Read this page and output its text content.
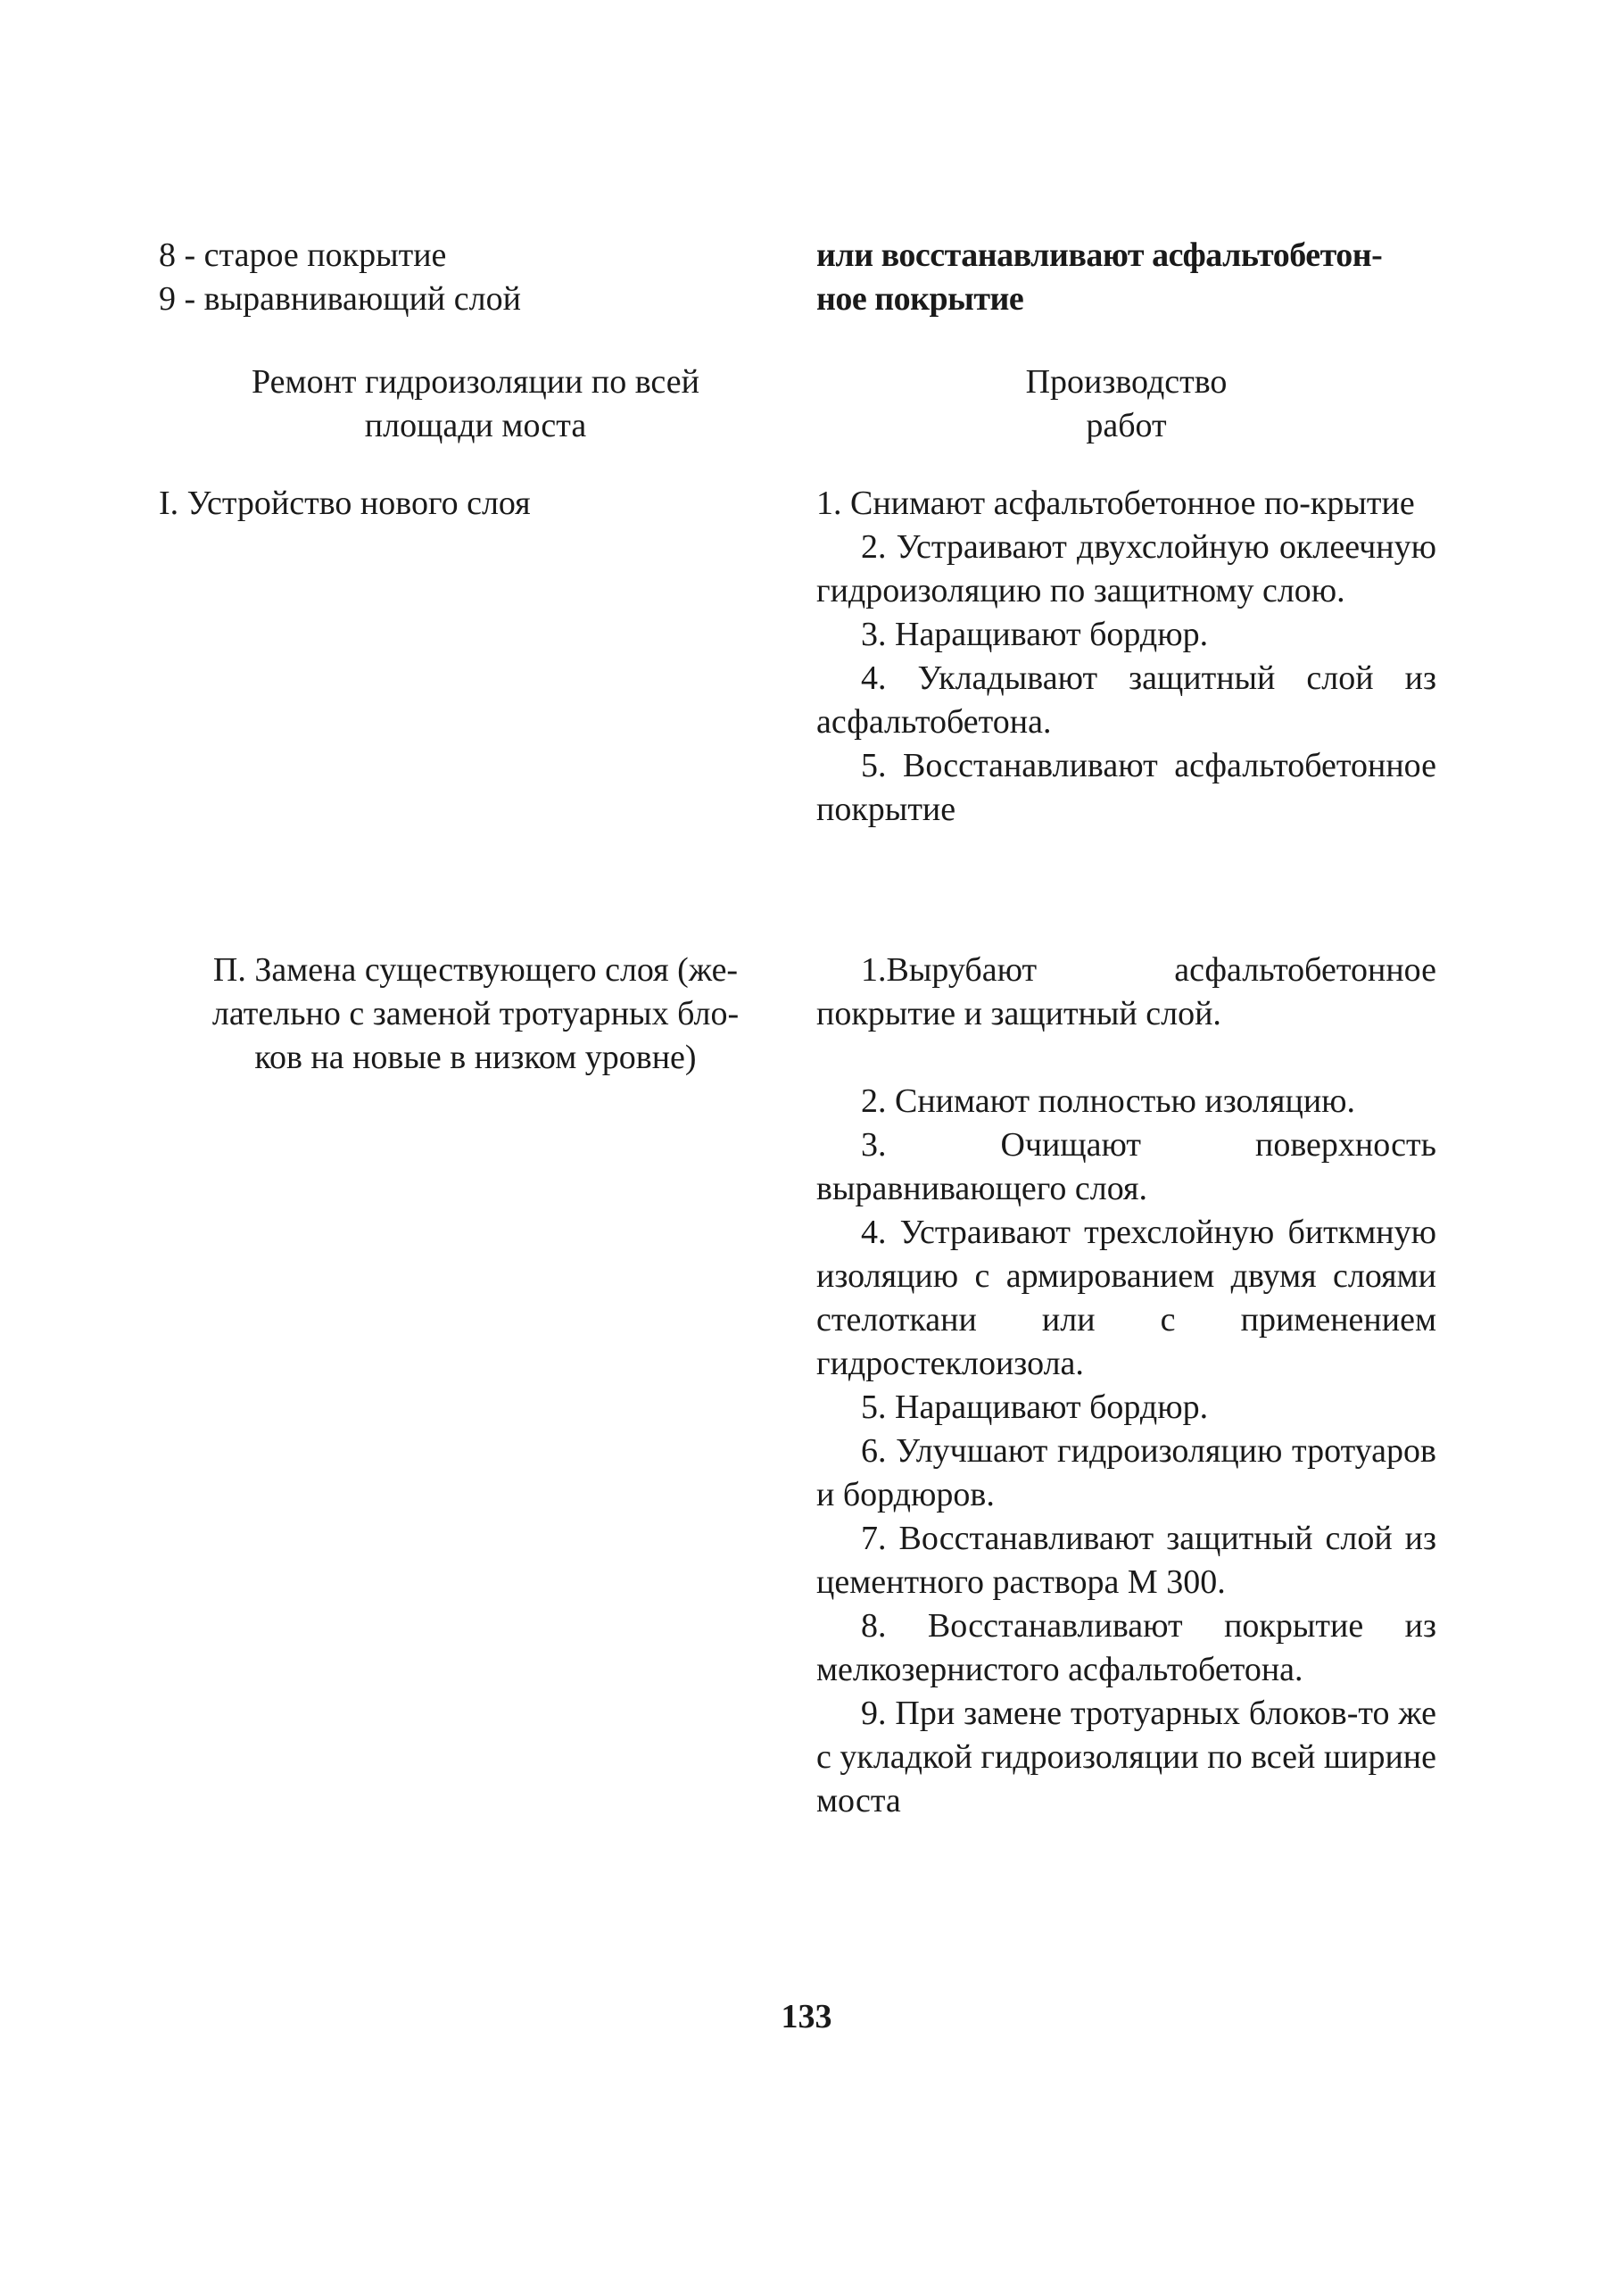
8 - старое покрытие

9 - выравнивающий слой

или восстанавливают асфальтобетон-

ное покрытие

Ремонт гидроизоляции по всей

площади моста

Производство

работ

I. Устройство нового слоя	1. Снимают асфальтобетонное по-крытие

2. Устраивают двухслойную оклеечную гидроизоляцию по защитному слою.

3. Наращивают бордюр.

4. Укладывают защитный слой из асфальтобетона.

5. Восстанавливают асфальтобетонное покрытие

П. Замена существующего слоя (же-

лательно с заменой тротуарных бло-

ков на новые в низком уровне)

1.Вырубают асфальтобетонное покрытие и защитный слой.

2. Снимают полностью изоляцию.

3. Очищают поверхность выравнивающего слоя.

4. Устраивают трехслойную биткмную изоляцию с армированием двумя слоями стелоткани или с применением гидростеклоизола.

5. Наращивают бордюр.

6. Улучшают гидроизоляцию тротуаров и бордюров.

7. Восстанавливают защитный слой из цементного раствора М 300.

8. Восстанавливают покрытие из мелкозернистого асфальтобетона.

9. При замене тротуарных блоков-то же с укладкой гидроизоляции по всей ширине моста

133
